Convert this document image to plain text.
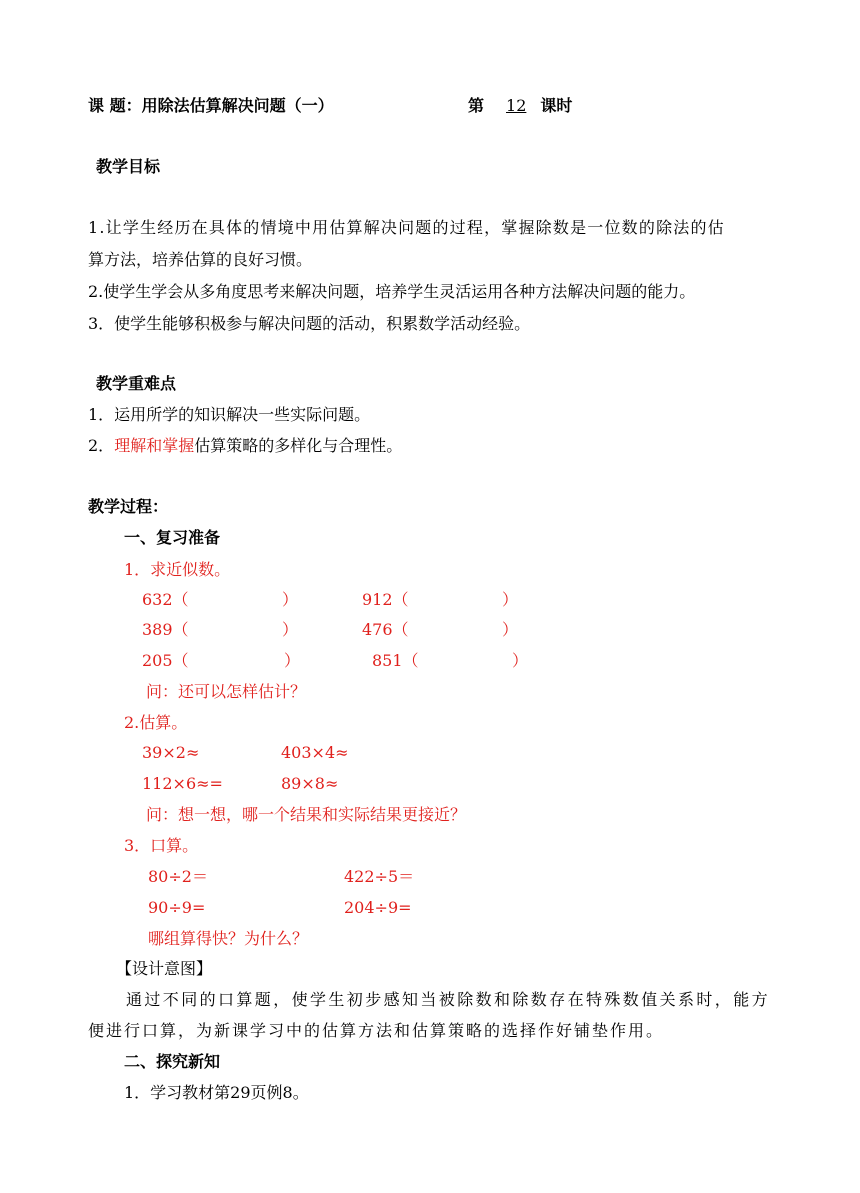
课 题：用除法估算解决问题（一）	第 12 课时
教学目标
1.让学生经历在具体的情境中用估算解决问题的过程，掌握除数是一位数的除法的估
算方法，培养估算的良好习惯。
2.使学生学会从多角度思考来解决问题，培养学生灵活运用各种方法解决问题的能力。
3．使学生能够积极参与解决问题的活动，积累数学活动经验。
教学重难点
1．运用所学的知识解决一些实际问题。
2．理解和掌握估算策略的多样化与合理性。
教学过程：
一、复习准备
1．求近似数。
632（	）	912（	）
389（	）	476（	）
205（	）	851（	）
问：还可以怎样估计？
2.估算。
39×2≈	403×4≈
112×6≈=	89×8≈
问：想一想，哪一个结果和实际结果更接近？
3．口算。
80÷2＝	422÷5＝
90÷9=	204÷9=
哪组算得快？为什么？
【设计意图】
通过不同的口算题，使学生初步感知当被除数和除数存在特殊数值关系时，能方
便进行口算，为新课学习中的估算方法和估算策略的选择作好铺垫作用。
二、探究新知
1．学习教材第29页例8。
